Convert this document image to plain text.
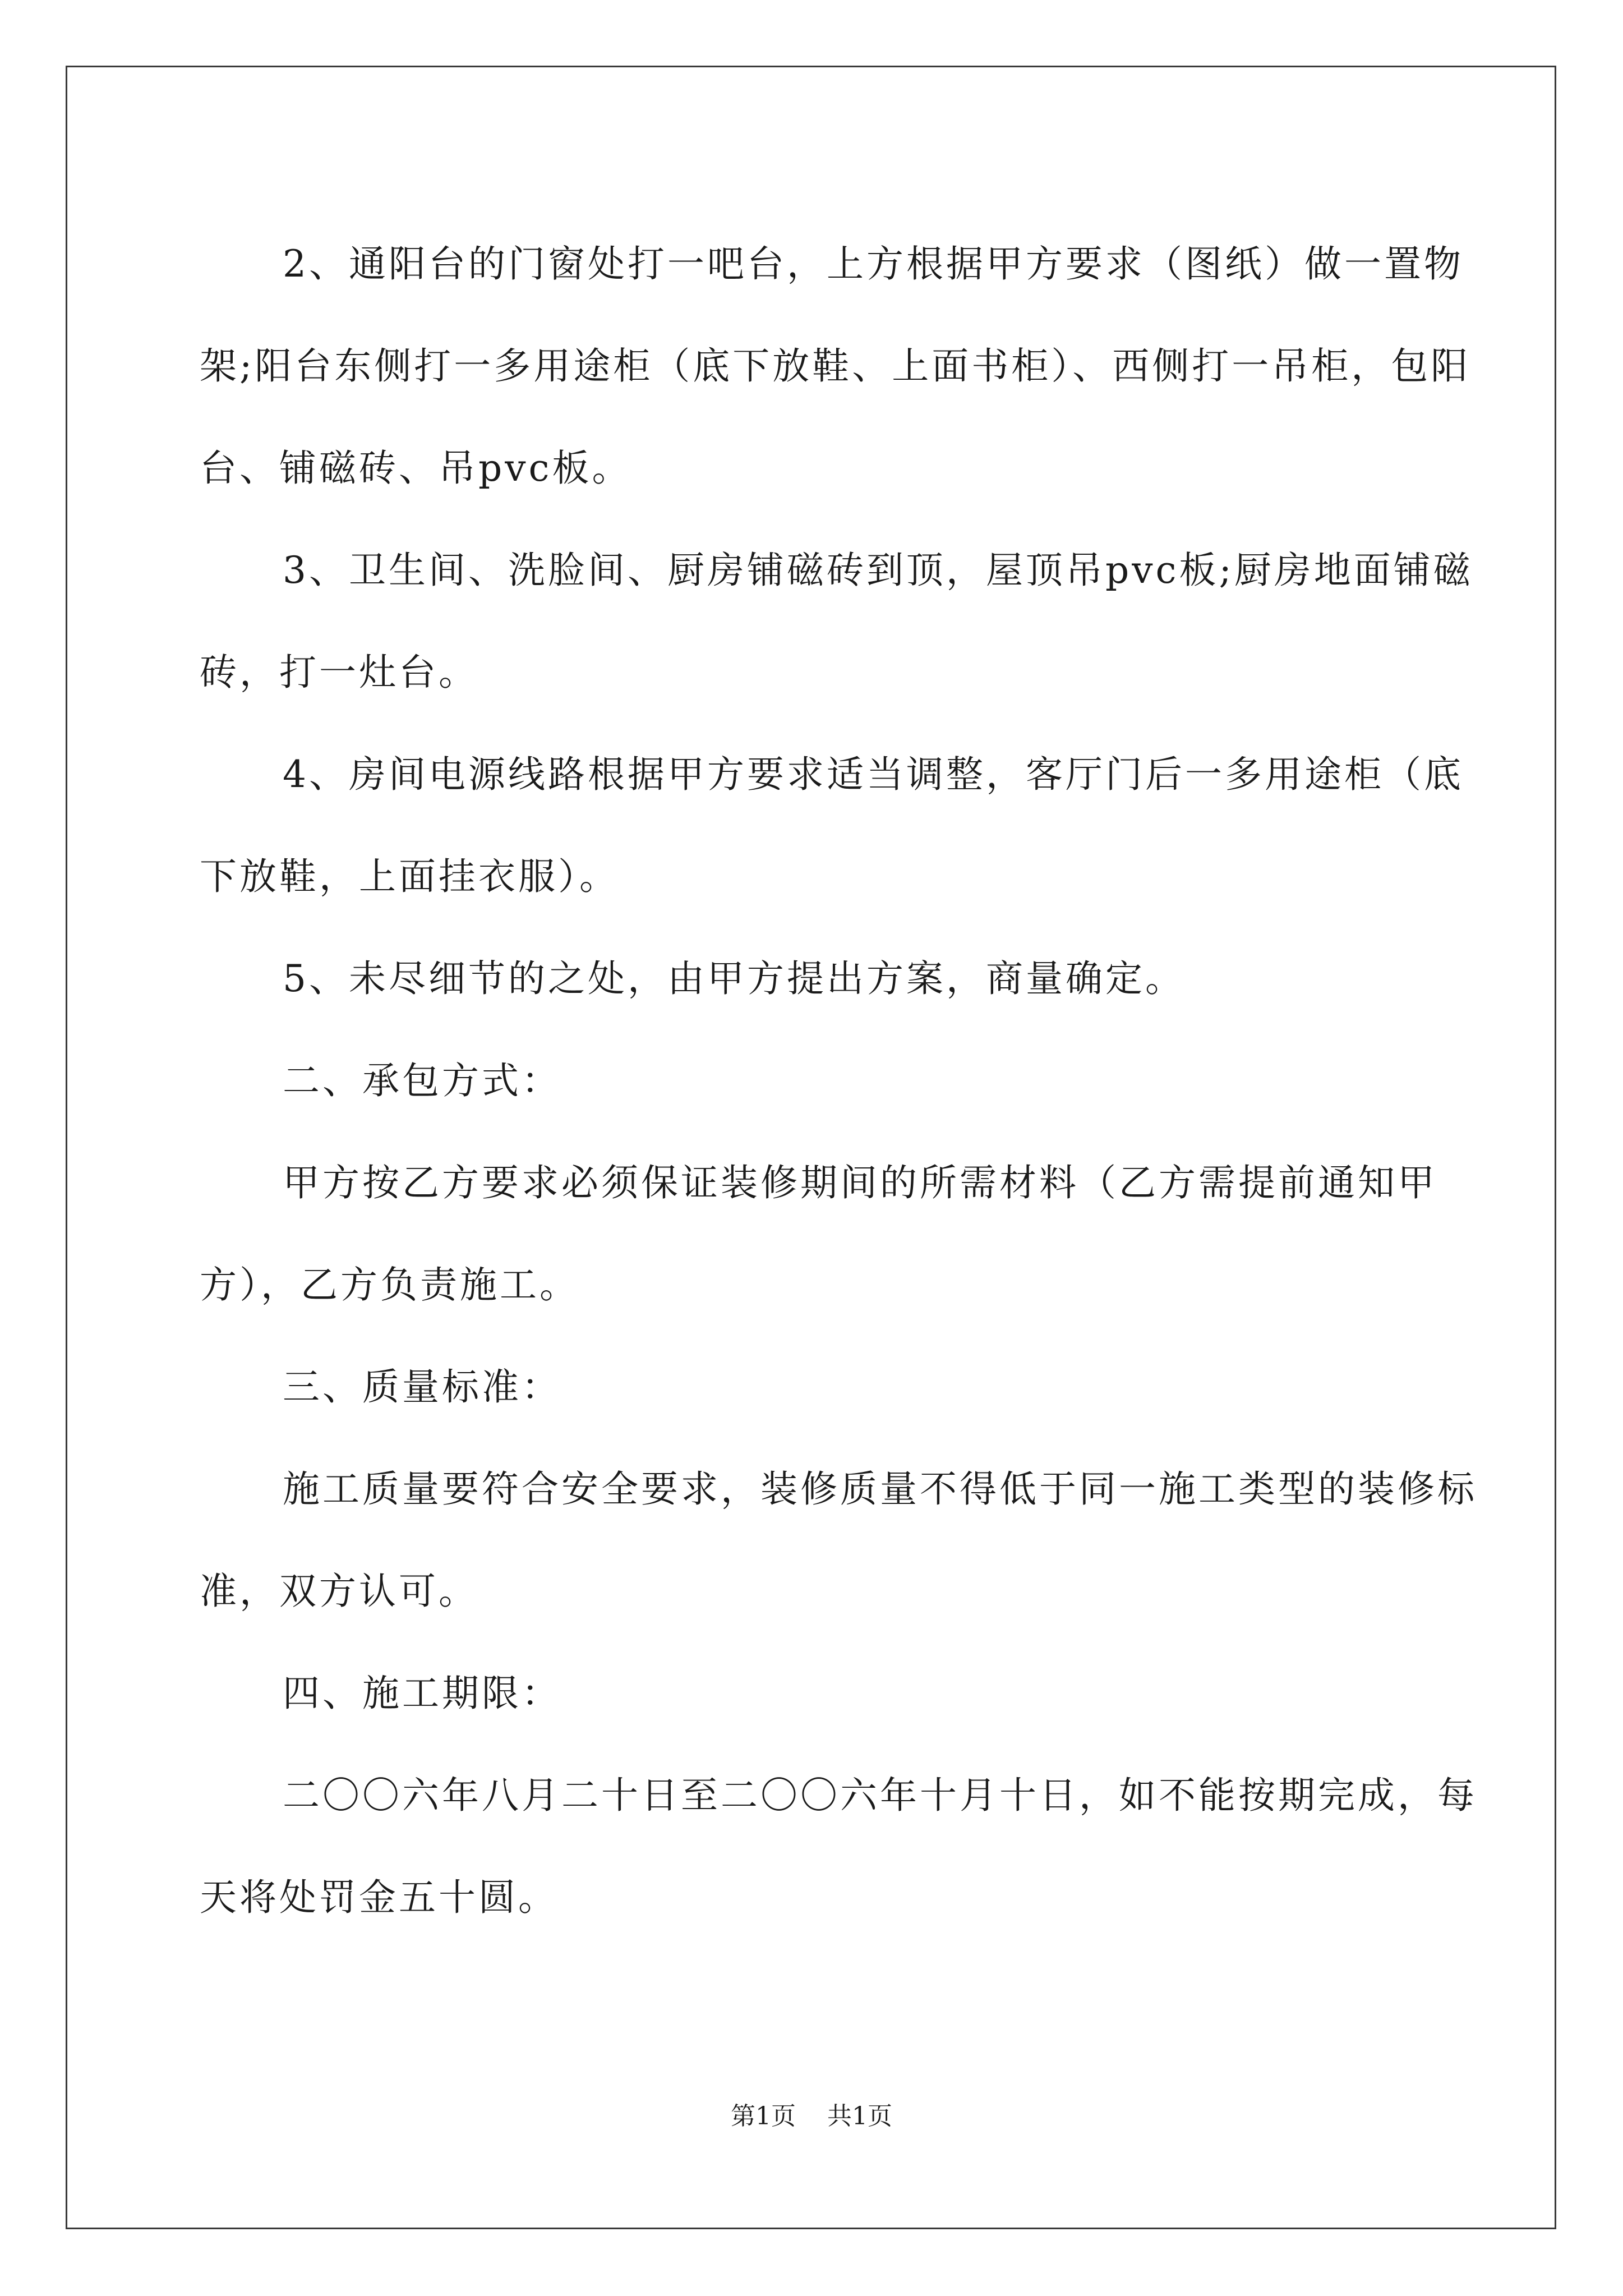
2、通阳台的门窗处打一吧台，上方根据甲方要求（图纸）做一置物架;阳台东侧打一多用途柜（底下放鞋、上面书柜）、西侧打一吊柜，包阳台、铺磁砖、吊pvc板。

3、卫生间、洗脸间、厨房铺磁砖到顶，屋顶吊pvc板;厨房地面铺磁砖，打一灶台。

4、房间电源线路根据甲方要求适当调整，客厅门后一多用途柜（底下放鞋，上面挂衣服）。

5、未尽细节的之处，由甲方提出方案，商量确定。

二、承包方式：

甲方按乙方要求必须保证装修期间的所需材料（乙方需提前通知甲方），乙方负责施工。

三、质量标准：

施工质量要符合安全要求，装修质量不得低于同一施工类型的装修标准，双方认可。

四、施工期限：

二〇〇六年八月二十日至二〇〇六年十月十日，如不能按期完成，每天将处罚金五十圆。

第1页 共1页
